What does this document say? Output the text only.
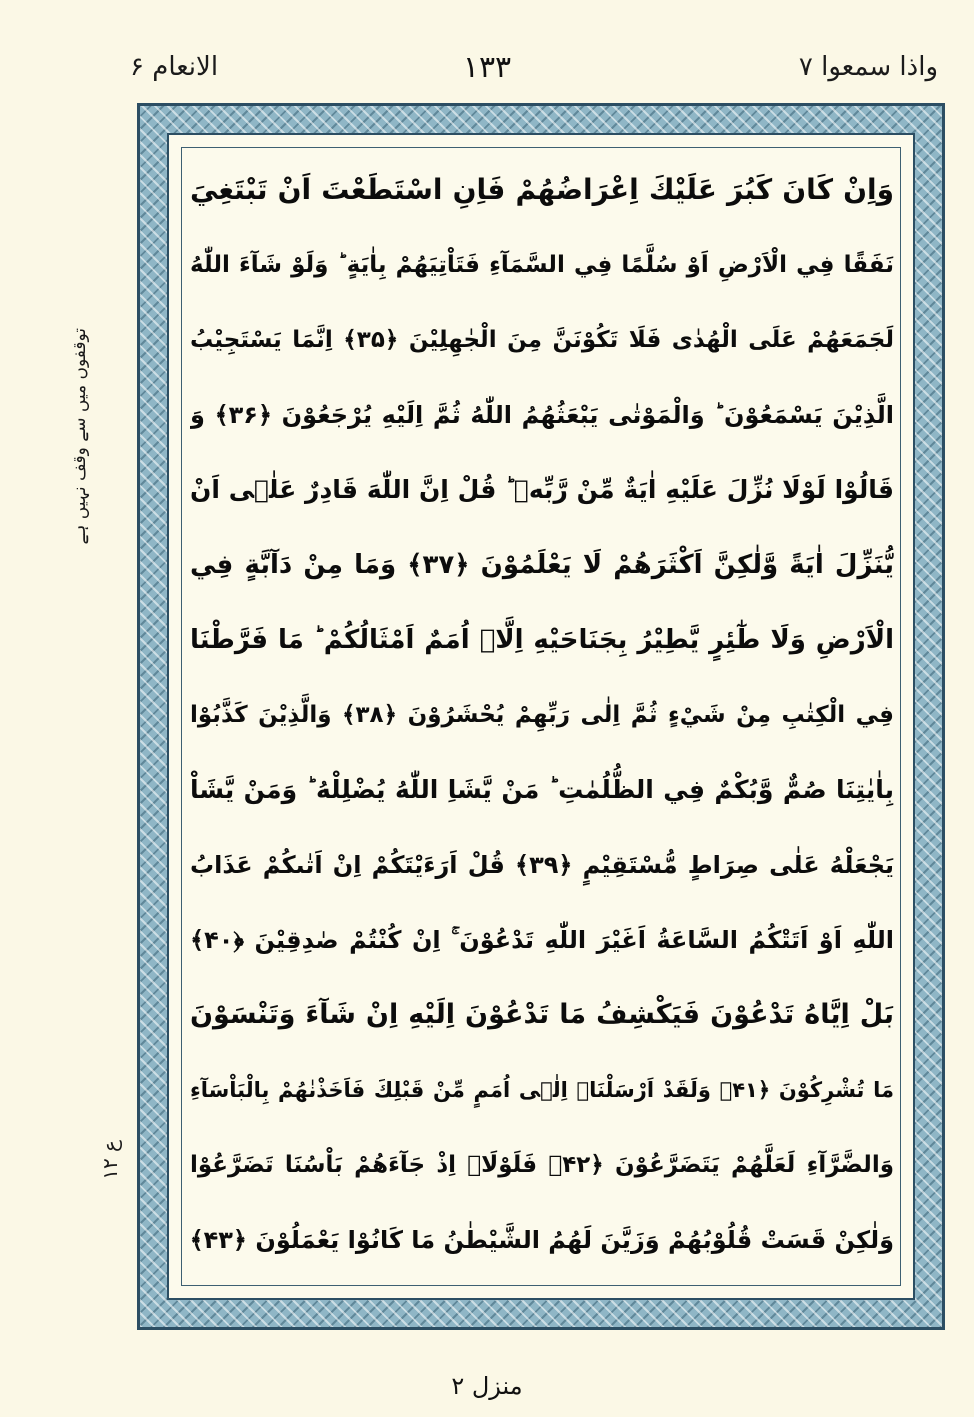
واذا سمعوا ۷
۱۳۳
الانعام ۶
وَاِنْ كَانَ كَبُرَ عَلَيْكَ اِعْرَاضُهُمْ فَاِنِ اسْتَطَعْتَ اَنْ تَبْتَغِيَ
نَفَقًا فِي الْاَرْضِ اَوْ سُلَّمًا فِي السَّمَآءِ فَتَاْتِيَهُمْ بِاٰيَةٍ ؕ وَلَوْ شَآءَ اللّٰهُ
لَجَمَعَهُمْ عَلَى الْهُدٰى فَلَا تَكُوْنَنَّ مِنَ الْجٰهِلِيْنَ ﴿۳۵﴾ اِنَّمَا يَسْتَجِيْبُ
الَّذِيْنَ يَسْمَعُوْنَ ؕ وَالْمَوْتٰى يَبْعَثُهُمُ اللّٰهُ ثُمَّ اِلَيْهِ يُرْجَعُوْنَ ﴿۳۶﴾ وَ
قَالُوْا لَوْلَا نُزِّلَ عَلَيْهِ اٰيَةٌ مِّنْ رَّبِّهٖ ؕ قُلْ اِنَّ اللّٰهَ قَادِرٌ عَلٰۤى اَنْ
يُّنَزِّلَ اٰيَةً وَّلٰكِنَّ اَكْثَرَهُمْ لَا يَعْلَمُوْنَ ﴿۳۷﴾ وَمَا مِنْ دَآبَّةٍ فِي
الْاَرْضِ وَلَا طٰٓئِرٍ يَّطِيْرُ بِجَنَاحَيْهِ اِلَّاۤ اُمَمٌ اَمْثَالُكُمْ ؕ مَا فَرَّطْنَا
فِي الْكِتٰبِ مِنْ شَيْءٍ ثُمَّ اِلٰى رَبِّهِمْ يُحْشَرُوْنَ ﴿۳۸﴾ وَالَّذِيْنَ كَذَّبُوْا
بِاٰيٰتِنَا صُمٌّ وَّبُكْمٌ فِي الظُّلُمٰتِ ؕ مَنْ يَّشَاِ اللّٰهُ يُضْلِلْهُ ؕ وَمَنْ يَّشَاْ
يَجْعَلْهُ عَلٰى صِرَاطٍ مُّسْتَقِيْمٍ ﴿۳۹﴾ قُلْ اَرَءَيْتَكُمْ اِنْ اَتٰىكُمْ عَذَابُ
اللّٰهِ اَوْ اَتَتْكُمُ السَّاعَةُ اَغَيْرَ اللّٰهِ تَدْعُوْنَ ۚ اِنْ كُنْتُمْ صٰدِقِيْنَ ﴿۴۰﴾
بَلْ اِيَّاهُ تَدْعُوْنَ فَيَكْشِفُ مَا تَدْعُوْنَ اِلَيْهِ اِنْ شَآءَ وَتَنْسَوْنَ
مَا تُشْرِكُوْنَ ﴿۴۱﴾ وَلَقَدْ اَرْسَلْنَاۤ اِلٰۤى اُمَمٍ مِّنْ قَبْلِكَ فَاَخَذْنٰهُمْ بِالْبَاْسَآءِ
وَالضَّرَّآءِ لَعَلَّهُمْ يَتَضَرَّعُوْنَ ﴿۴۲﴾ فَلَوْلَاۤ اِذْ جَآءَهُمْ بَاْسُنَا تَضَرَّعُوْا
وَلٰكِنْ قَسَتْ قُلُوْبُهُمْ وَزَيَّنَ لَهُمُ الشَّيْطٰنُ مَا كَانُوْا يَعْمَلُوْنَ ﴿۴۳﴾
توقفوں میں سے وقف نہیں ہے
ع ۱۲
منزل ۲
